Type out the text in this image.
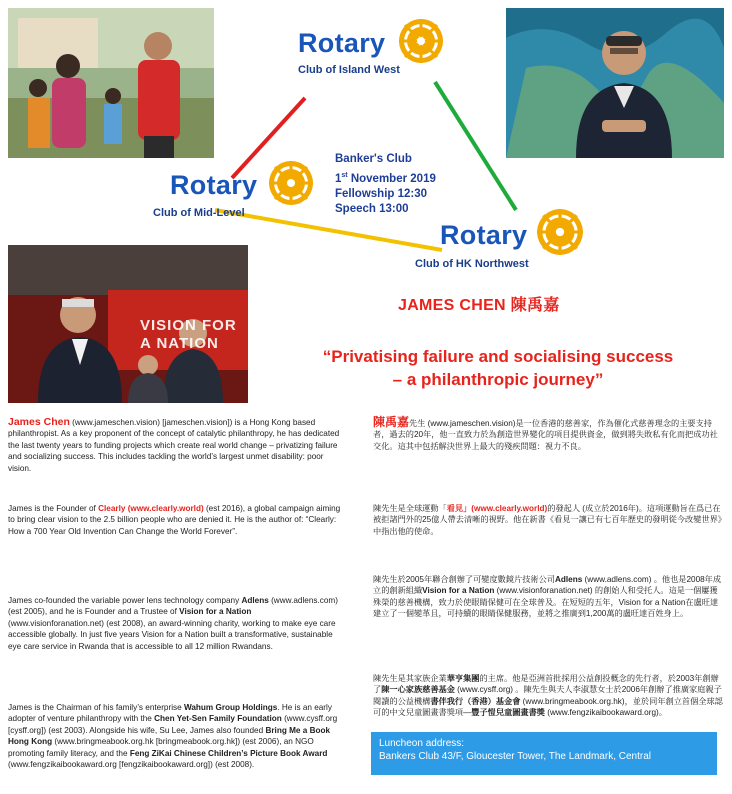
VISION FOR A NATION
Rotary
Club of Island West
Rotary
Club of Mid-Level
Rotary
Club of HK Northwest
Banker's Club
1st November 2019
Fellowship 12:30
Speech 13:00
JAMES CHEN 陳禹嘉
“Privatising failure and socialising success
– a philanthropic journey”

James Chen (www.jameschen.vision) [jameschen.vision]) is a Hong Kong based philanthropist. As a key proponent of the concept of catalytic philanthropy, he has dedicated the last twenty years to funding projects which create real world change – privatizing failure and socializing success. This includes tackling the world’s largest unmet disability: poor vision.

James is the Founder of Clearly (www.clearly.world) (est 2016), a global campaign aiming to bring clear vision to the 2.5 billion people who are denied it. He is the author of: “Clearly: How a 700 Year Old Invention Can Change the World Forever”.

James co-founded the variable power lens technology company Adlens (www.adlens.com) (est 2005), and he is Founder and a Trustee of Vision for a Nation (www.visionforanation.net) (est 2008), an award-winning charity, working to make eye care accessible globally. In just five years Vision for a Nation built a transformative, sustainable eye care service in Rwanda that is accessible to all 12 million Rwandans.

James is the Chairman of his family’s enterprise Wahum Group Holdings. He is an early adopter of venture philanthropy with the Chen Yet-Sen Family Foundation (www.cysff.org [cysff.org]) (est 2003). Alongside his wife, Su Lee, James also founded Bring Me a Book Hong Kong (www.bringmeabook.org.hk [bringmeabook.org.hk]) (est 2006), an NGO promoting family literacy, and the Feng ZiKai Chinese Children’s Picture Book Award (www.fengzikaibookaward.org [fengzikaibookaward.org]) (est 2008).

陳禹嘉先生 (www.jameschen.vision)是一位香港的慈善家，作為催化式慈善理念的主要支持者，過去的20年，他一直致力於為創造世界變化的項目提供資金，做到將失敗私有化而把成功社交化。這其中包括解決世界上最大的殘疾問題：視力不良。

陳先生是全球運動「看見」(www.clearly.world)的發起人 (成立於2016年)。這項運動旨在爲已在被拒諸門外的25億人帶去清晰的視野。他在新書《看見一讓已有七百年歷史的發明從今改變世界》中指出他的使命。

陳先生於2005年聯合創辦了可變度數鏡片技術公司Adlens (www.adlens.com) 。他也是2008年成立的創新組織Vision for a Nation (www.visionforanation.net) 的創始人和受托人。這是一個屢獲殊榮的慈善機構，致力於使眼睛保健可在全球普及。在短短的五年，Vision for a Nation在盧旺達建立了一個變革且，可持續的眼睛保健服務，並將之推廣到1,200萬的盧旺達百姓身上。

陳先生是其家族企業華亨集團的主席。他是亞洲首批採用公益創投概念的先行者，於2003年創辦了陳一心家族慈善基金 (www.cysff.org) 。陳先生與夫人李淑慧女士於2006年創辦了推廣家庭親子閱讀的公益機構書伴我行（香港）基金會 (www.bringmeabook.org.hk)，並於同年創立首個全球認可的中文兒童圖畫書獎項—豐子愷兒童圖畫書獎 (www.fengzikaibookaward.org)。

Luncheon address:
Bankers Club 43/F, Gloucester Tower, The Landmark, Central
